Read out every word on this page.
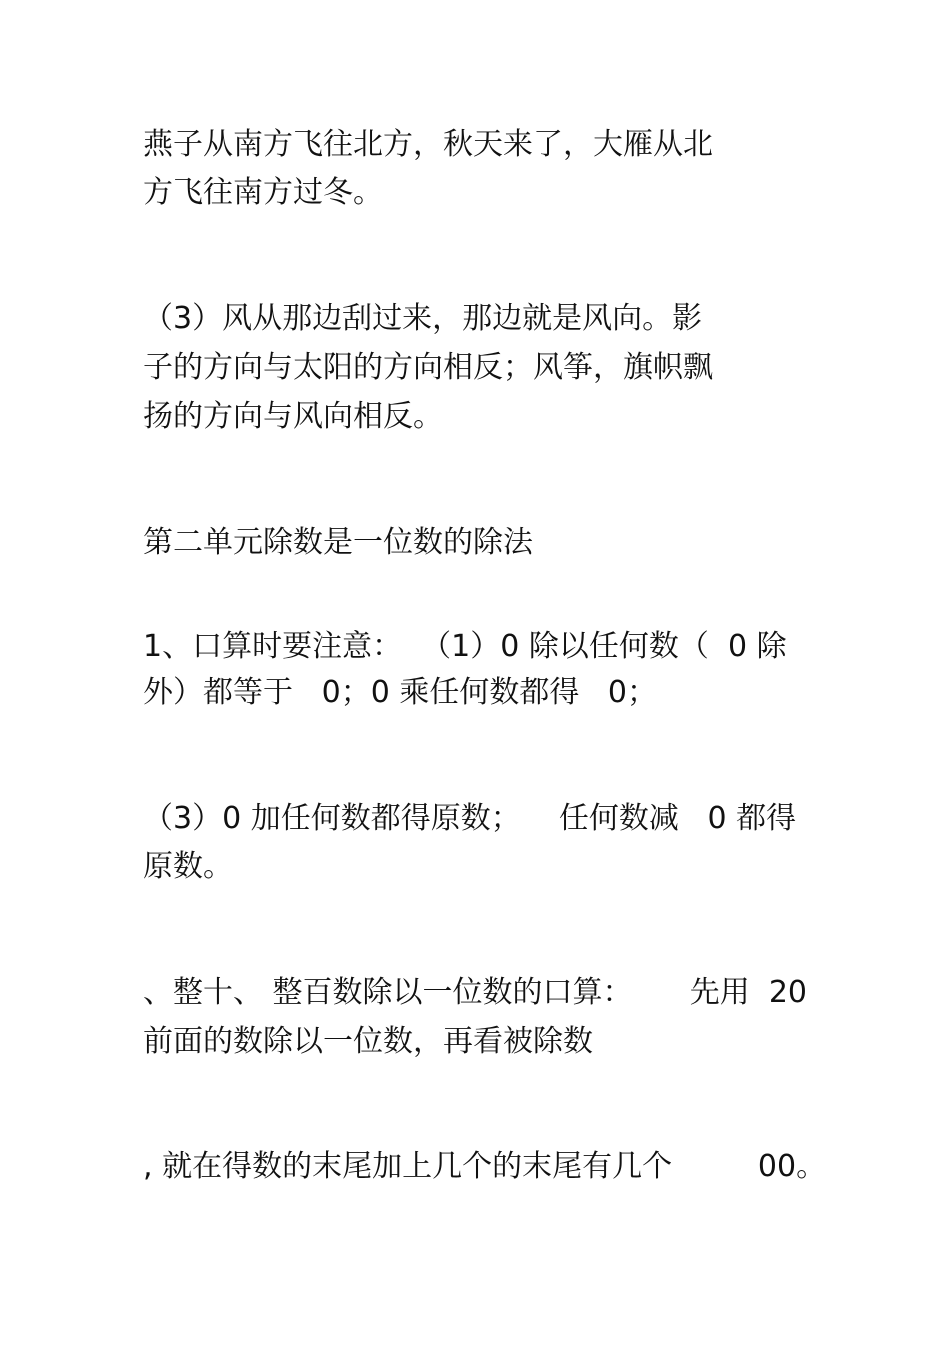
燕子从南方飞往北方，秋天来了，大雁从北

方飞往南方过冬。

（3）风从那边刮过来，那边就是风向。影

子的方向与太阳的方向相反；风筝，旗帜飘

扬的方向与风向相反。

第二单元除数是一位数的除法

1、口算时要注意：  （1）0 除以任何数（  0 除

外）都等于   0；0 乘任何数都得   0；

（3）0 加任何数都得原数；    任何数减   0 都得

原数。

、整十、 整百数除以一位数的口算：      先用  20

前面的数除以一位数，再看被除数

, 就在得数的末尾加上几个的末尾有几个         00。
